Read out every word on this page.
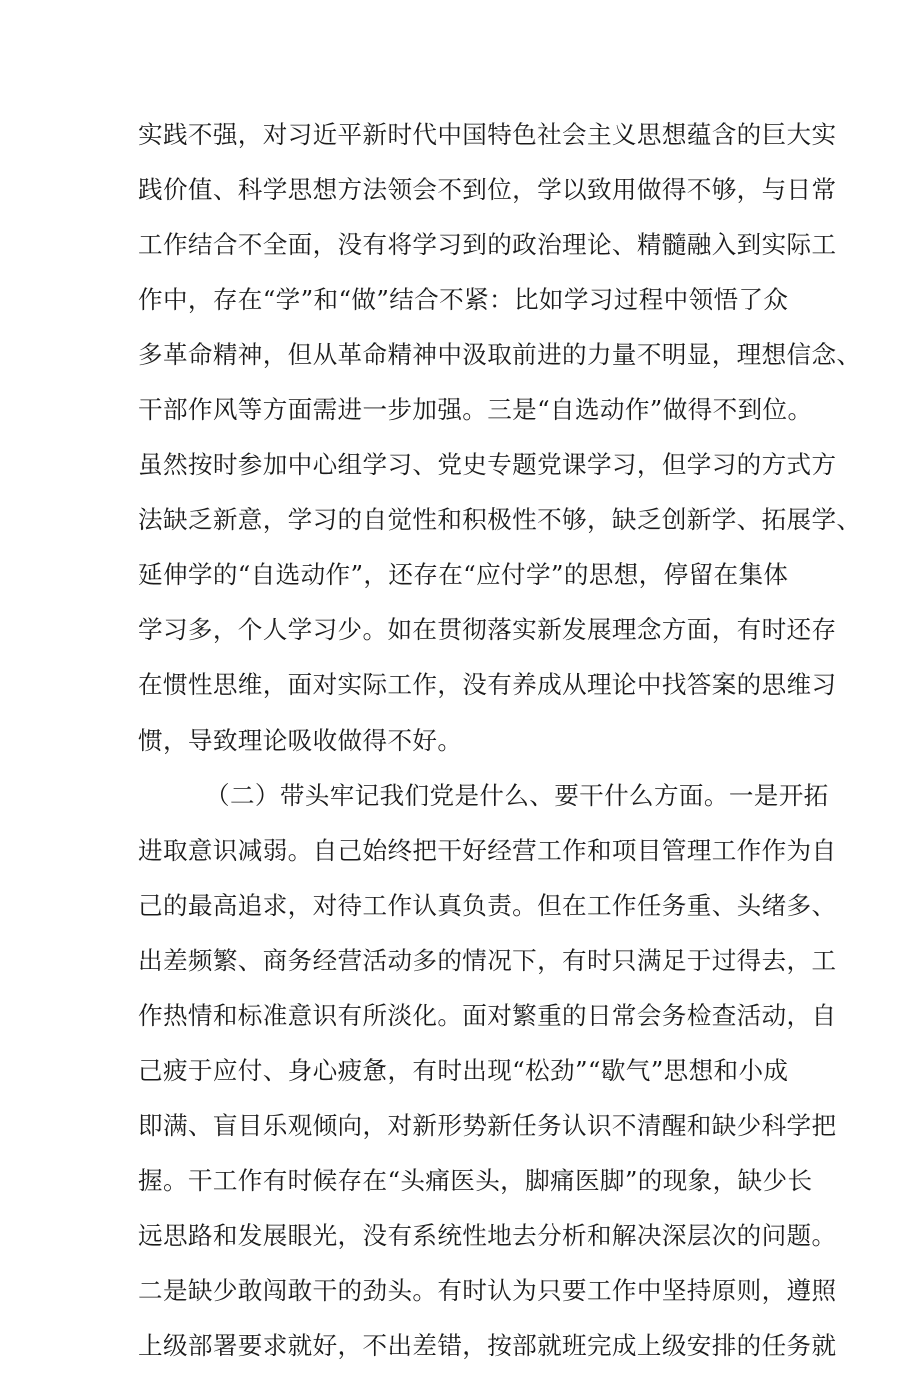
实践不强，对习近平新时代中国特色社会主义思想蕴含的巨大实
践价值、科学思想方法领会不到位，学以致用做得不够，与日常
工作结合不全面，没有将学习到的政治理论、精髓融入到实际工
作中，存在“学”和“做”结合不紧：比如学习过程中领悟了众
多革命精神，但从革命精神中汲取前进的力量不明显，理想信念、
干部作风等方面需进一步加强。三是“自选动作”做得不到位。
虽然按时参加中心组学习、党史专题党课学习，但学习的方式方
法缺乏新意，学习的自觉性和积极性不够，缺乏创新学、拓展学、
延伸学的“自选动作”，还存在“应付学”的思想，停留在集体
学习多，个人学习少。如在贯彻落实新发展理念方面，有时还存
在惯性思维，面对实际工作，没有养成从理论中找答案的思维习
惯，导致理论吸收做得不好。
（二）带头牢记我们党是什么、要干什么方面。一是开拓
进取意识减弱。自己始终把干好经营工作和项目管理工作作为自
己的最高追求，对待工作认真负责。但在工作任务重、头绪多、
出差频繁、商务经营活动多的情况下，有时只满足于过得去，工
作热情和标准意识有所淡化。面对繁重的日常会务检查活动，自
己疲于应付、身心疲惫，有时出现“松劲”“歇气”思想和小成
即满、盲目乐观倾向，对新形势新任务认识不清醒和缺少科学把
握。干工作有时候存在“头痛医头，脚痛医脚”的现象，缺少长
远思路和发展眼光，没有系统性地去分析和解决深层次的问题。
二是缺少敢闯敢干的劲头。有时认为只要工作中坚持原则，遵照
上级部署要求就好，不出差错，按部就班完成上级安排的任务就
